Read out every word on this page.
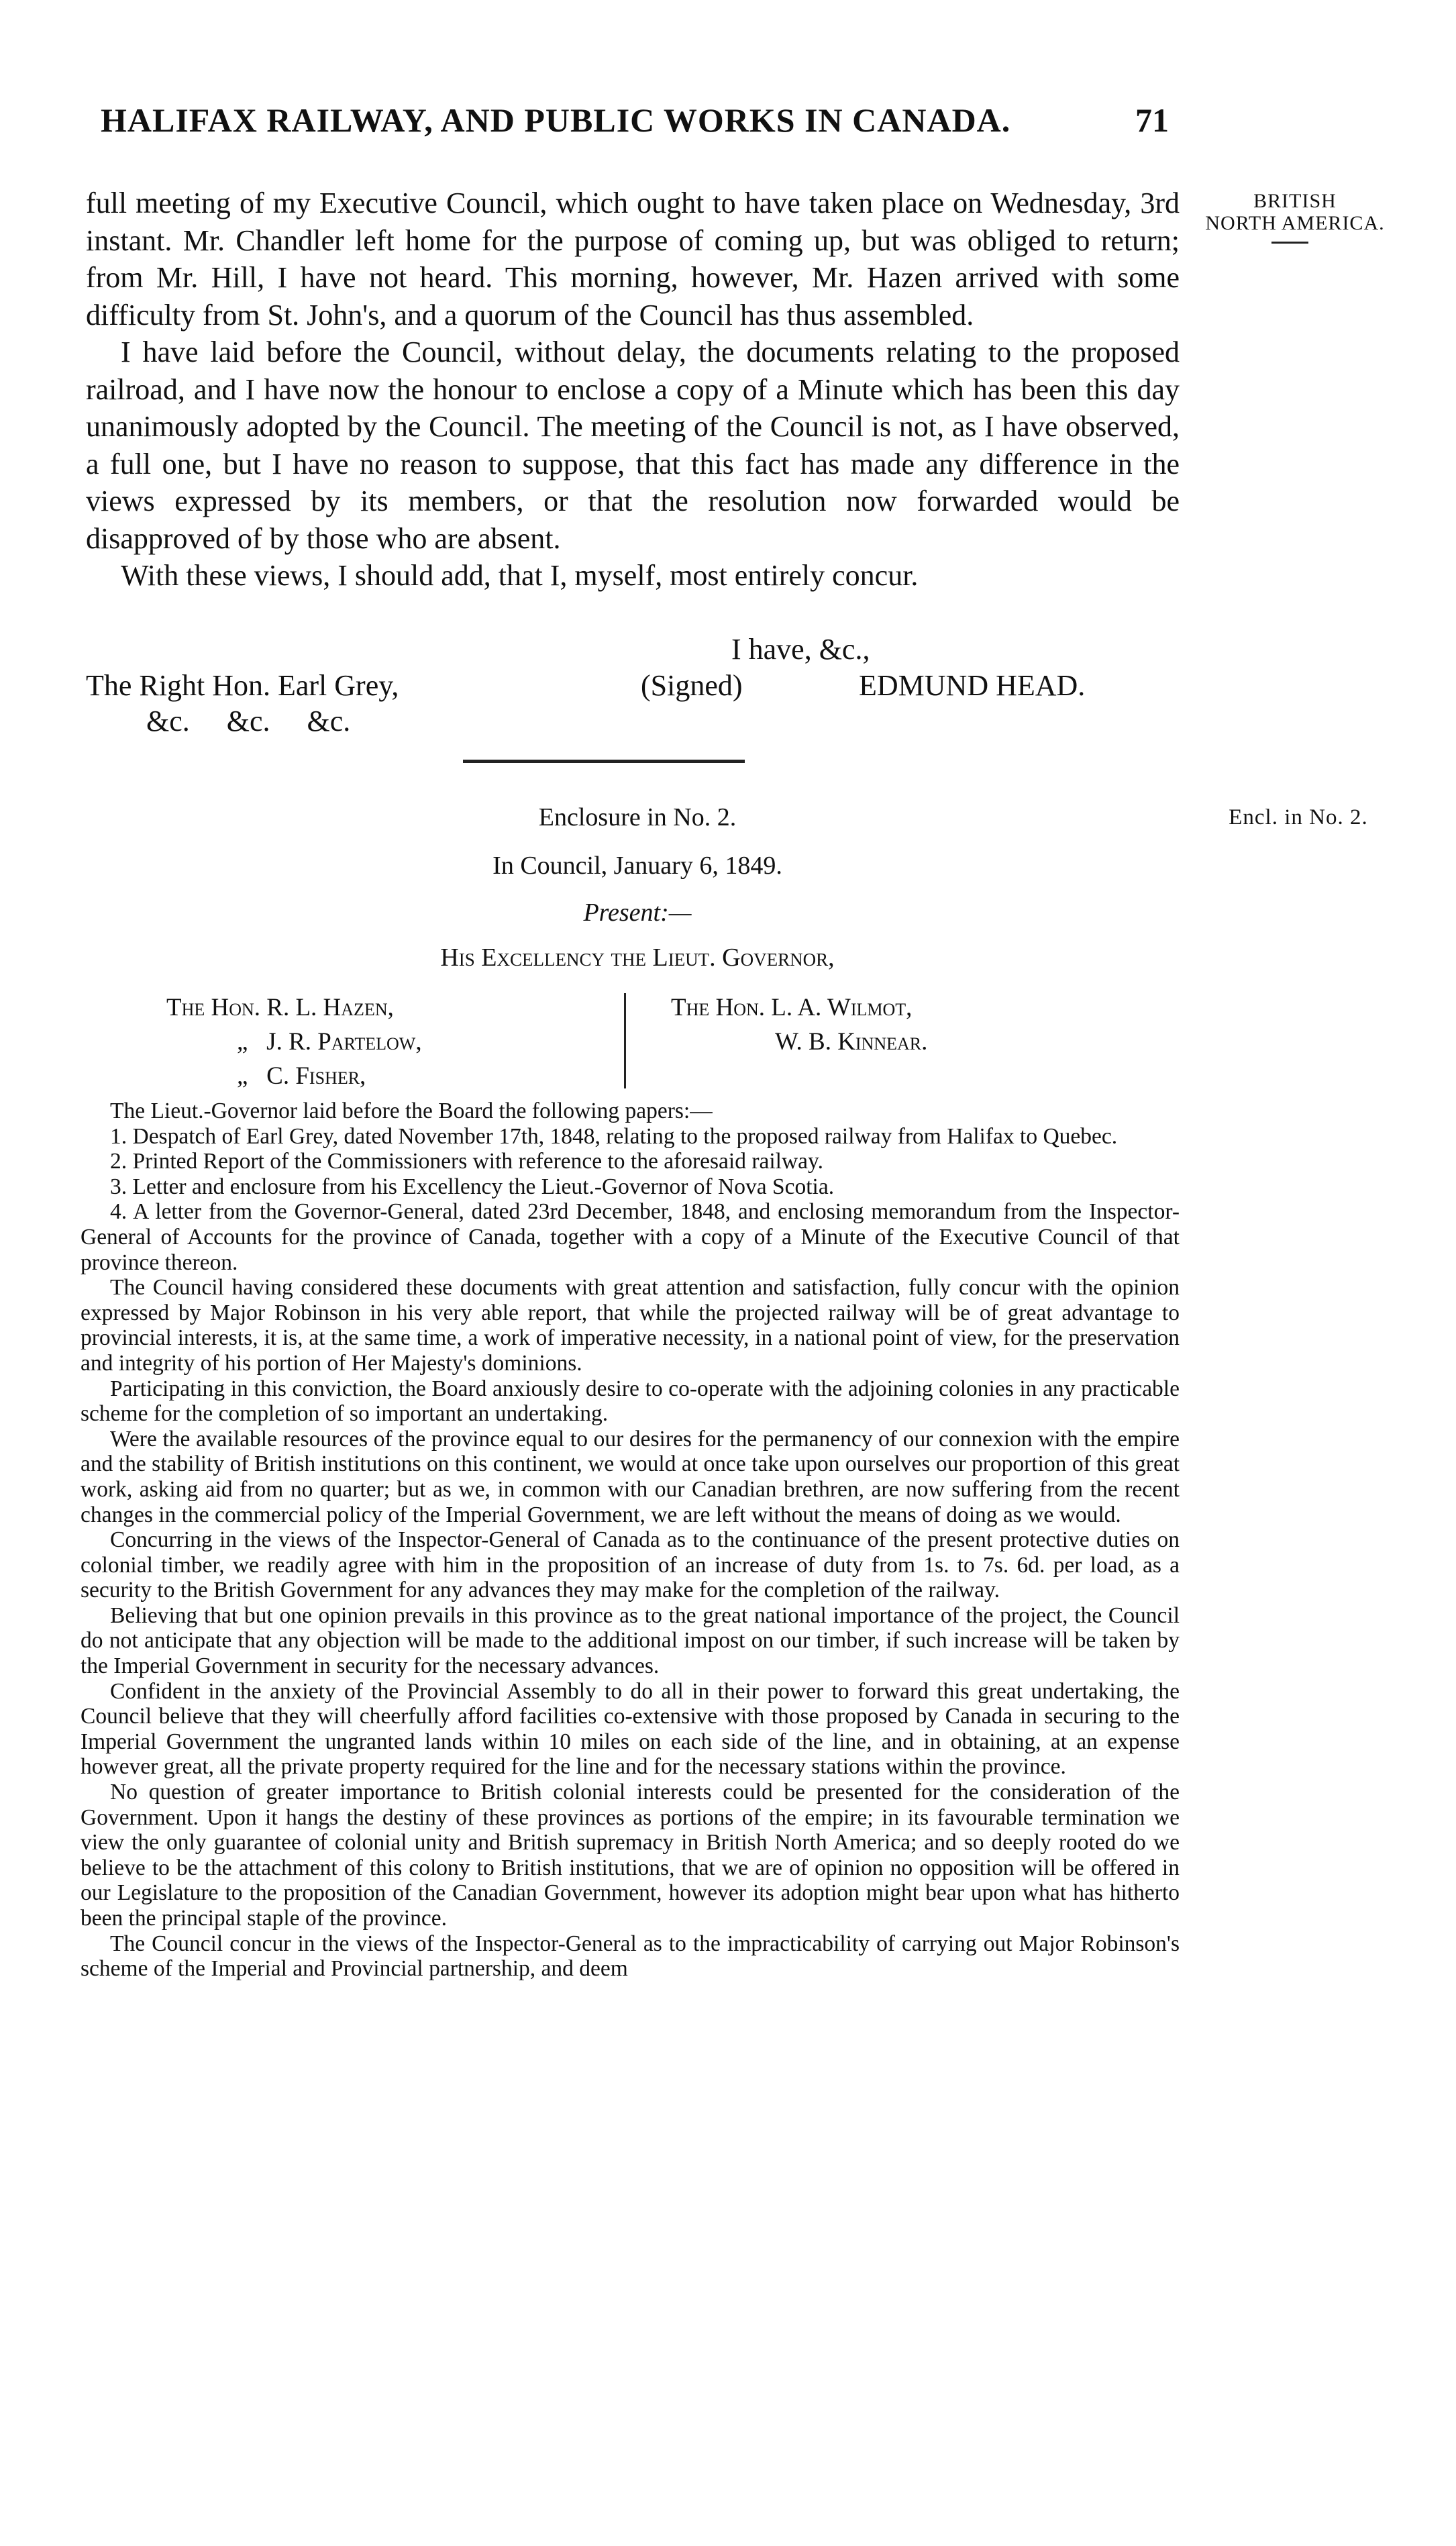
HALIFAX RAILWAY, AND PUBLIC WORKS IN CANADA.	71
BRITISH
NORTH AMERICA.
Encl. in No. 2.

full meeting of my Executive Council, which ought to have taken place on Wednesday, 3rd instant. Mr. Chandler left home for the purpose of coming up, but was obliged to return; from Mr. Hill, I have not heard. This morning, however, Mr. Hazen arrived with some difficulty from St. John's, and a quorum of the Council has thus assembled.

I have laid before the Council, without delay, the documents relating to the proposed railroad, and I have now the honour to enclose a copy of a Minute which has been this day unanimously adopted by the Council. The meeting of the Council is not, as I have observed, a full one, but I have no reason to suppose, that this fact has made any difference in the views expressed by its members, or that the resolution now forwarded would be disapproved of by those who are absent.

With these views, I should add, that I, myself, most entirely concur.

I have, &c.,
The Right Hon. Earl Grey,	(Signed)	EDMUND HEAD.
&c.     &c.     &c.
Enclosure in No. 2.
In Council, January 6, 1849.
Present:—
His Excellency the Lieut. Governor,
The Hon. R. L. Hazen,
„   J. R. Partelow,
„   C. Fisher,
The Hon. L. A. Wilmot,
W. B. Kinnear.

The Lieut.-Governor laid before the Board the following papers:—

1. Despatch of Earl Grey, dated November 17th, 1848, relating to the proposed railway from Halifax to Quebec.

2. Printed Report of the Commissioners with reference to the aforesaid railway.

3. Letter and enclosure from his Excellency the Lieut.-Governor of Nova Scotia.

4. A letter from the Governor-General, dated 23rd December, 1848, and enclosing memorandum from the Inspector-General of Accounts for the province of Canada, together with a copy of a Minute of the Executive Council of that province thereon.

The Council having considered these documents with great attention and satisfaction, fully concur with the opinion expressed by Major Robinson in his very able report, that while the projected railway will be of great advantage to provincial interests, it is, at the same time, a work of imperative necessity, in a national point of view, for the preservation and integrity of his portion of Her Majesty's dominions.

Participating in this conviction, the Board anxiously desire to co-operate with the adjoining colonies in any practicable scheme for the completion of so important an undertaking.

Were the available resources of the province equal to our desires for the permanency of our connexion with the empire and the stability of British institutions on this continent, we would at once take upon ourselves our proportion of this great work, asking aid from no quarter; but as we, in common with our Canadian brethren, are now suffering from the recent changes in the commercial policy of the Imperial Government, we are left without the means of doing as we would.

Concurring in the views of the Inspector-General of Canada as to the continuance of the present protective duties on colonial timber, we readily agree with him in the proposition of an increase of duty from 1s. to 7s. 6d. per load, as a security to the British Government for any advances they may make for the completion of the railway.

Believing that but one opinion prevails in this province as to the great national importance of the project, the Council do not anticipate that any objection will be made to the additional impost on our timber, if such increase will be taken by the Imperial Government in security for the necessary advances.

Confident in the anxiety of the Provincial Assembly to do all in their power to forward this great undertaking, the Council believe that they will cheerfully afford facilities co-extensive with those proposed by Canada in securing to the Imperial Government the ungranted lands within 10 miles on each side of the line, and in obtaining, at an expense however great, all the private property required for the line and for the necessary stations within the province.

No question of greater importance to British colonial interests could be presented for the consideration of the Government. Upon it hangs the destiny of these provinces as portions of the empire; in its favourable termination we view the only guarantee of colonial unity and British supremacy in British North America; and so deeply rooted do we believe to be the attachment of this colony to British institutions, that we are of opinion no opposition will be offered in our Legislature to the proposition of the Canadian Government, however its adoption might bear upon what has hitherto been the principal staple of the province.

The Council concur in the views of the Inspector-General as to the impracticability of carrying out Major Robinson's scheme of the Imperial and Provincial partnership, and deem
